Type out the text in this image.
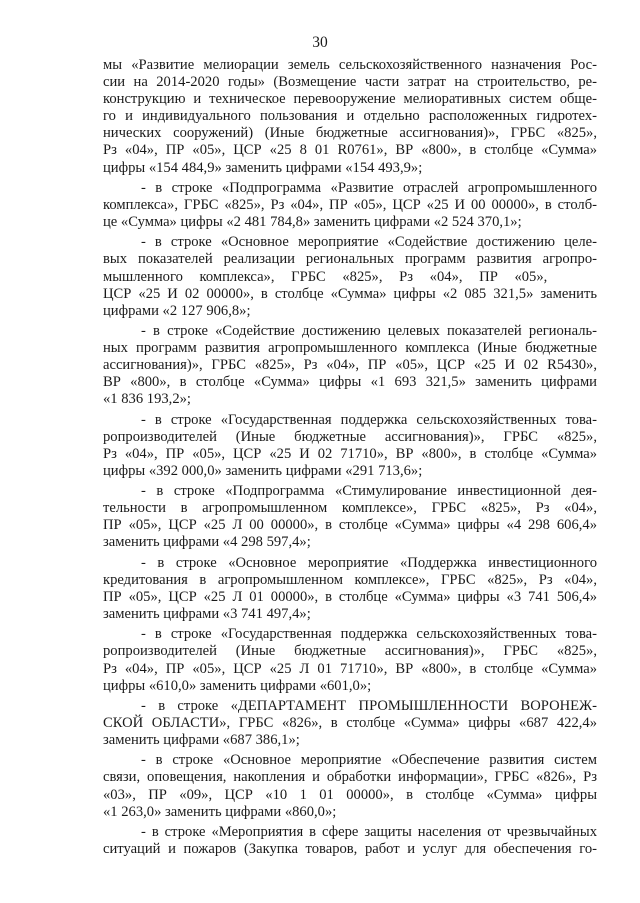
30
мы «Развитие мелиорации земель сельскохозяйственного назначения Рос-
сии на 2014-2020 годы» (Возмещение части затрат на строительство, ре-
конструкцию и техническое перевооружение мелиоративных систем обще-
го и индивидуального пользования и отдельно расположенных гидротех-
нических сооружений) (Иные бюджетные ассигнования)», ГРБС «825»,
Рз «04», ПР «05», ЦСР «25 8 01 R0761», ВР «800», в столбце «Сумма»
цифры «154 484,9» заменить цифрами «154 493,9»;
- в строке «Подпрограмма «Развитие отраслей агропромышленного
комплекса», ГРБС «825», Рз «04», ПР «05», ЦСР «25 И 00 00000», в столб-
це «Сумма» цифры «2 481 784,8» заменить цифрами «2 524 370,1»;
- в строке «Основное мероприятие «Содействие достижению целе-
вых показателей реализации региональных программ развития агропро-
мышленного комплекса», ГРБС «825», Рз «04», ПР «05»,
ЦСР «25 И 02 00000», в столбце «Сумма» цифры «2 085 321,5» заменить
цифрами «2 127 906,8»;
- в строке «Содействие достижению целевых показателей региональ-
ных программ развития агропромышленного комплекса (Иные бюджетные
ассигнования)», ГРБС «825», Рз «04», ПР «05», ЦСР «25 И 02 R5430»,
ВР «800», в столбце «Сумма» цифры «1 693 321,5» заменить цифрами
«1 836 193,2»;
- в строке «Государственная поддержка сельскохозяйственных това-
ропроизводителей (Иные бюджетные ассигнования)», ГРБС «825»,
Рз «04», ПР «05», ЦСР «25 И 02 71710», ВР «800», в столбце «Сумма»
цифры «392 000,0» заменить цифрами «291 713,6»;
- в строке «Подпрограмма «Стимулирование инвестиционной дея-
тельности в агропромышленном комплексе», ГРБС «825», Рз «04»,
ПР «05», ЦСР «25 Л 00 00000», в столбце «Сумма» цифры «4 298 606,4»
заменить цифрами «4 298 597,4»;
- в строке «Основное мероприятие «Поддержка инвестиционного
кредитования в агропромышленном комплексе», ГРБС «825», Рз «04»,
ПР «05», ЦСР «25 Л 01 00000», в столбце «Сумма» цифры «3 741 506,4»
заменить цифрами «3 741 497,4»;
- в строке «Государственная поддержка сельскохозяйственных това-
ропроизводителей (Иные бюджетные ассигнования)», ГРБС «825»,
Рз «04», ПР «05», ЦСР «25 Л 01 71710», ВР «800», в столбце «Сумма»
цифры «610,0» заменить цифрами «601,0»;
- в строке «ДЕПАРТАМЕНТ ПРОМЫШЛЕННОСТИ ВОРОНЕЖ-
СКОЙ ОБЛАСТИ», ГРБС «826», в столбце «Сумма» цифры «687 422,4»
заменить цифрами «687 386,1»;
- в строке «Основное мероприятие «Обеспечение развития систем
связи, оповещения, накопления и обработки информации», ГРБС «826», Рз
«03», ПР «09», ЦСР «10 1 01 00000», в столбце «Сумма» цифры
«1 263,0» заменить цифрами «860,0»;
- в строке «Мероприятия в сфере защиты населения от чрезвычайных
ситуаций и пожаров (Закупка товаров, работ и услуг для обеспечения го-
